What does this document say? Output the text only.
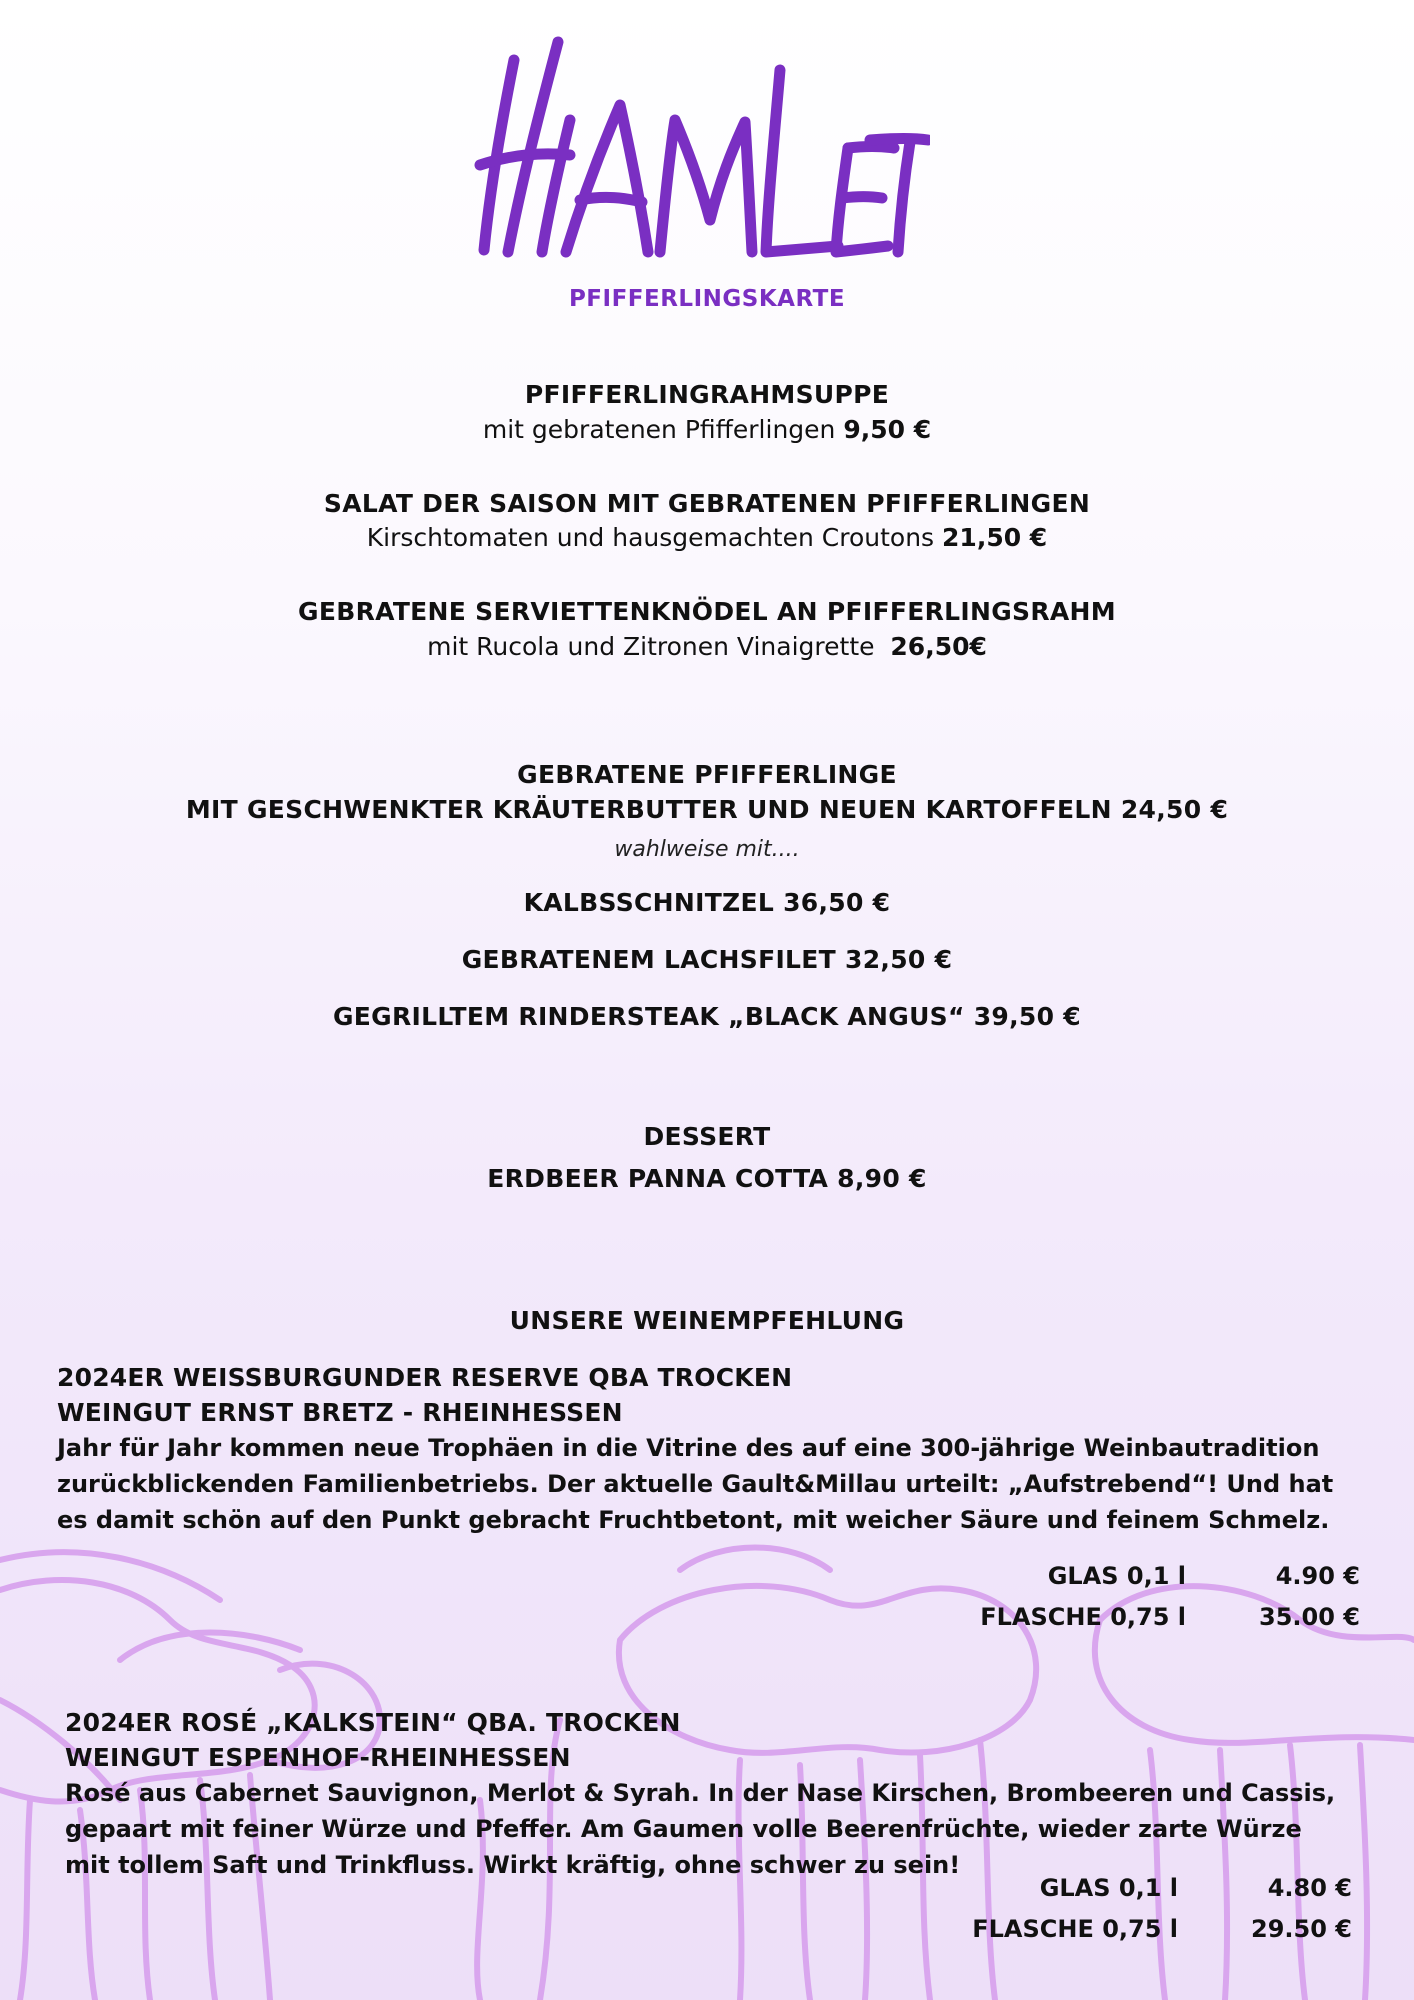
PFIFFERLINGSKARTE
PFIFFERLINGRAHMSUPPE
mit gebratenen Pfifferlingen 9,50 €
SALAT DER SAISON MIT GEBRATENEN PFIFFERLINGEN
Kirschtomaten und hausgemachten Croutons 21,50 €
GEBRATENE SERVIETTENKNÖDEL AN PFIFFERLINGSRAHM
mit Rucola und Zitronen Vinaigrette 26,50€
GEBRATENE PFIFFERLINGE
MIT GESCHWENKTER KRÄUTERBUTTER UND NEUEN KARTOFFELN 24,50 €
wahlweise mit....
KALBSSCHNITZEL 36,50 €
GEBRATENEM LACHSFILET 32,50 €
GEGRILLTEM RINDERSTEAK „BLACK ANGUS“ 39,50 €
DESSERT
ERDBEER PANNA COTTA 8,90 €
UNSERE WEINEMPFEHLUNG
2024ER WEISSBURGUNDER RESERVE QBA TROCKEN
WEINGUT ERNST BRETZ - RHEINHESSEN
Jahr für Jahr kommen neue Trophäen in die Vitrine des auf eine 300-jährige Weinbautradition
zurückblickenden Familienbetriebs. Der aktuelle Gault&Millau urteilt: „Aufstrebend“! Und hat
es damit schön auf den Punkt gebracht Fruchtbetont, mit weicher Säure und feinem Schmelz.
GLAS 0,1 l	4.90 €
FLASCHE 0,75 l	35.00 €
2024ER ROSÉ „KALKSTEIN“ QBA. TROCKEN
WEINGUT ESPENHOF-RHEINHESSEN
Rosé aus Cabernet Sauvignon, Merlot & Syrah. In der Nase Kirschen, Brombeeren und Cassis,
gepaart mit feiner Würze und Pfeffer. Am Gaumen volle Beerenfrüchte, wieder zarte Würze
mit tollem Saft und Trinkfluss. Wirkt kräftig, ohne schwer zu sein!
GLAS 0,1 l	4.80 €
FLASCHE 0,75 l	29.50 €
